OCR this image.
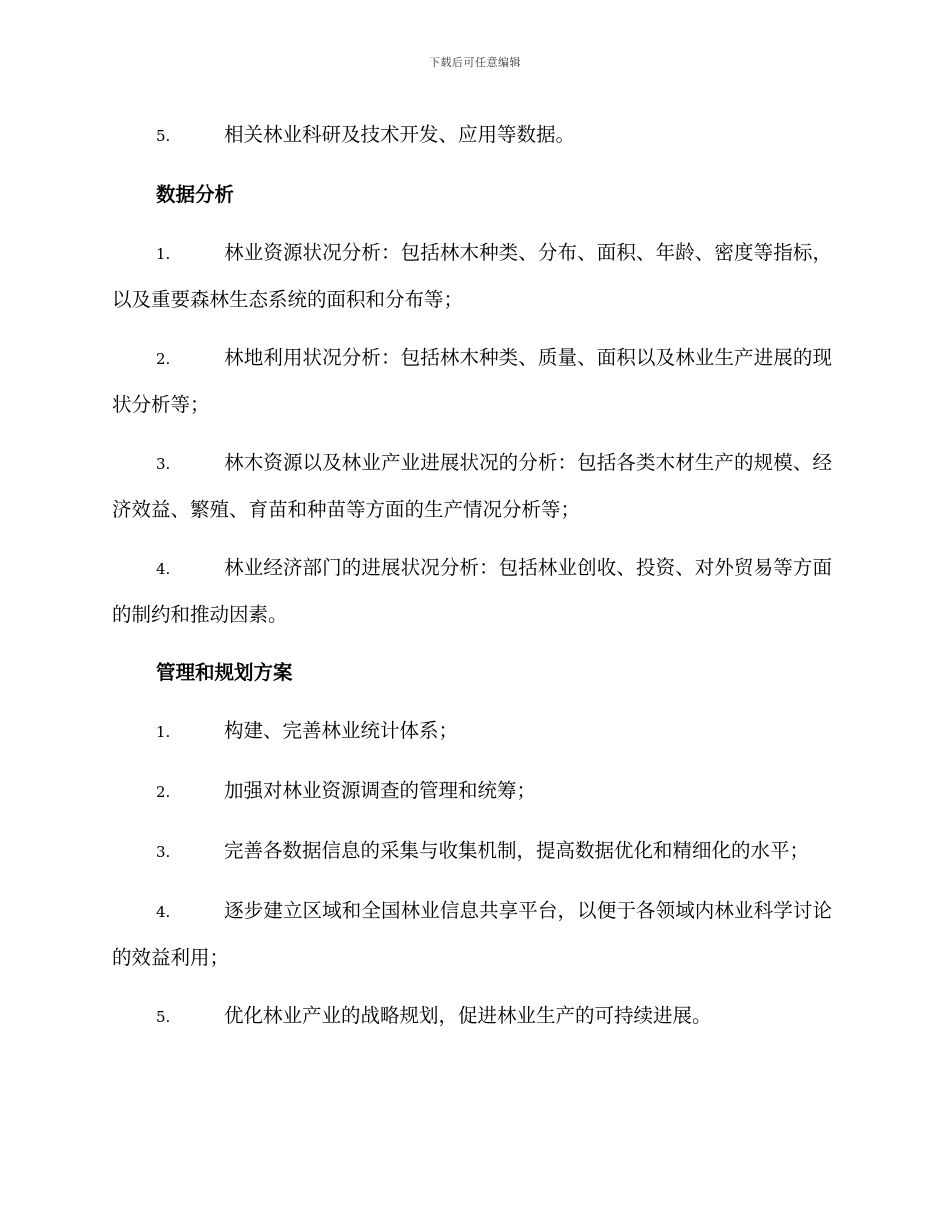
下载后可任意编辑

5.	相关林业科研及技术开发、应用等数据。

数据分析

1.	林业资源状况分析：包括林木种类、分布、面积、年龄、密度等指标，以及重要森林生态系统的面积和分布等；

2.	林地利用状况分析：包括林木种类、质量、面积以及林业生产进展的现状分析等；

3.	林木资源以及林业产业进展状况的分析：包括各类木材生产的规模、经济效益、繁殖、育苗和种苗等方面的生产情况分析等；

4.	林业经济部门的进展状况分析：包括林业创收、投资、对外贸易等方面的制约和推动因素。

管理和规划方案

1.	构建、完善林业统计体系；

2.	加强对林业资源调查的管理和统筹；

3.	完善各数据信息的采集与收集机制，提高数据优化和精细化的水平；

4.	逐步建立区域和全国林业信息共享平台，以便于各领域内林业科学讨论的效益利用；

5.	优化林业产业的战略规划，促进林业生产的可持续进展。
